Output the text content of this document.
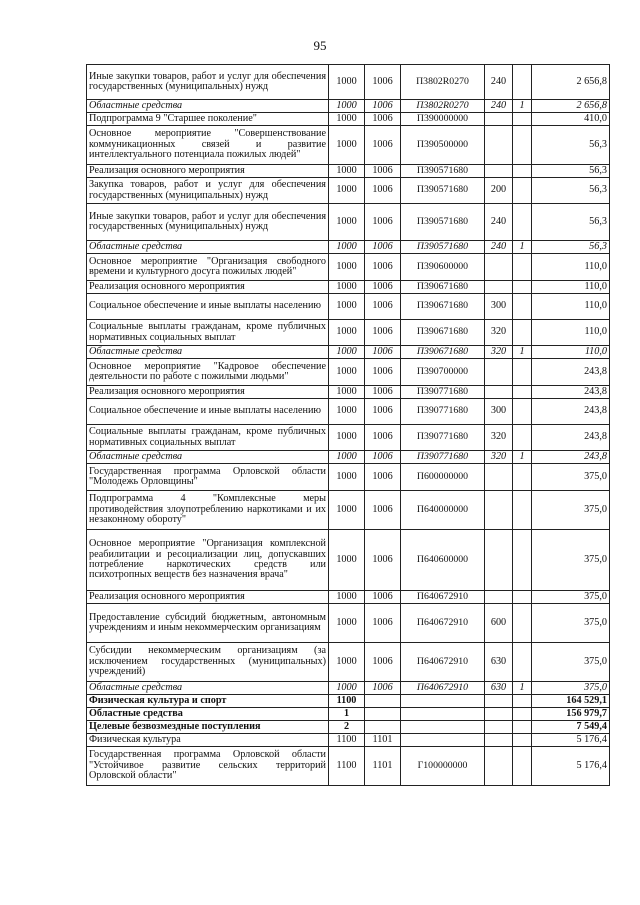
95
Иные закупки товаров, работ и услуг для обеспечения государственных (муниципальных) нужд	1000	1006	П3802R0270	240		2 656,8
Областные средства	1000	1006	П3802R0270	240	1	2 656,8
Подпрограмма 9 "Старшее поколение"	1000	1006	П390000000			410,0
Основное мероприятие "Совершенствование коммуникационных связей и развитие интеллектуального потенциала пожилых людей"	1000	1006	П390500000			56,3
Реализация основного мероприятия	1000	1006	П390571680			56,3
Закупка товаров, работ и услуг для обеспечения государственных (муниципальных) нужд	1000	1006	П390571680	200		56,3
Иные закупки товаров, работ и услуг для обеспечения государственных (муниципальных) нужд	1000	1006	П390571680	240		56,3
Областные средства	1000	1006	П390571680	240	1	56,3
Основное мероприятие "Организация свободного времени и культурного досуга пожилых людей"	1000	1006	П390600000			110,0
Реализация основного мероприятия	1000	1006	П390671680			110,0
Социальное обеспечение и иные выплаты населению	1000	1006	П390671680	300		110,0
Социальные выплаты гражданам, кроме публичных нормативных социальных выплат	1000	1006	П390671680	320		110,0
Областные средства	1000	1006	П390671680	320	1	110,0
Основное мероприятие "Кадровое обеспечение деятельности по работе с пожилыми людьми"	1000	1006	П390700000			243,8
Реализация основного мероприятия	1000	1006	П390771680			243,8
Социальное обеспечение и иные выплаты населению	1000	1006	П390771680	300		243,8
Социальные выплаты гражданам, кроме публичных нормативных социальных выплат	1000	1006	П390771680	320		243,8
Областные средства	1000	1006	П390771680	320	1	243,8
Государственная программа Орловской области "Молодежь Орловщины"	1000	1006	П600000000			375,0
Подпрограмма 4 "Комплексные меры противодействия злоупотреблению наркотиками и их незаконному обороту"	1000	1006	П640000000			375,0
Основное мероприятие "Организация комплексной реабилитации и ресоциализации лиц, допускавших потребление наркотических средств или психотропных веществ без назначения врача"	1000	1006	П640600000			375,0
Реализация основного мероприятия	1000	1006	П640672910			375,0
Предоставление субсидий бюджетным, автономным учреждениям и иным некоммерческим организациям	1000	1006	П640672910	600		375,0
Субсидии некоммерческим организациям (за исключением государственных (муниципальных) учреждений)	1000	1006	П640672910	630		375,0
Областные средства	1000	1006	П640672910	630	1	375,0
Физическая культура и спорт	1100					164 529,1
Областные средства	1					156 979,7
Целевые безвозмездные поступления	2					7 549,4
Физическая культура	1100	1101				5 176,4
Государственная программа Орловской области "Устойчивое развитие сельских территорий Орловской области"	1100	1101	Г100000000			5 176,4
